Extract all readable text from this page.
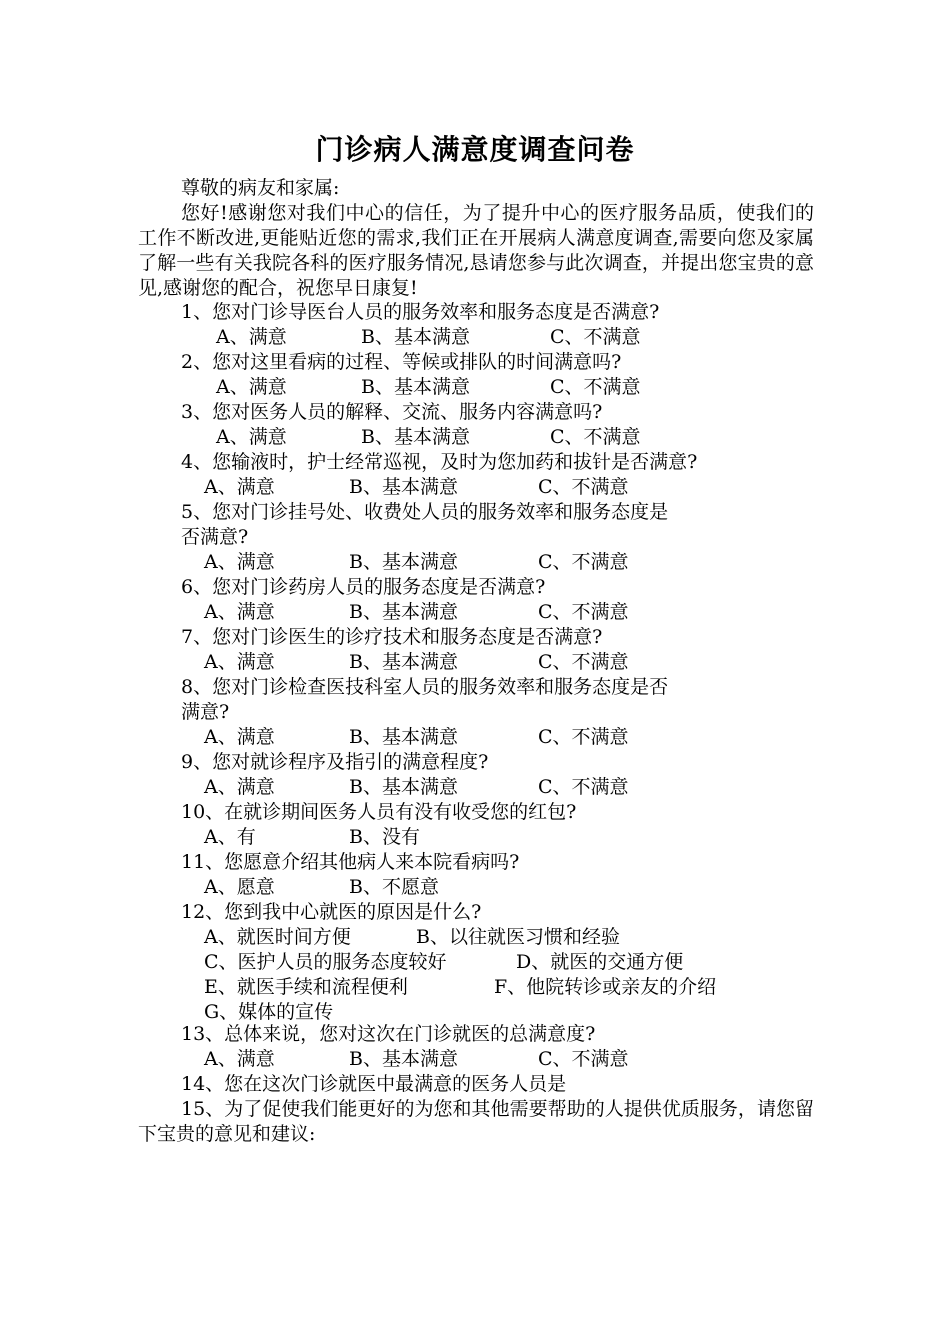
门诊病人满意度调查问卷
尊敬的病友和家属:
您好!感谢您对我们中心的信任，为了提升中心的医疗服务品质，使我们的工作不断改进,更能贴近您的需求,我们正在开展病人满意度调查,需要向您及家属了解一些有关我院各科的医疗服务情况,恳请您参与此次调查，并提出您宝贵的意见,感谢您的配合，祝您早日康复!
1、您对门诊导医台人员的服务效率和服务态度是否满意?
A、满意	B、基本满意	C、不满意
2、您对这里看病的过程、等候或排队的时间满意吗?
A、满意	B、基本满意	C、不满意
3、您对医务人员的解释、交流、服务内容满意吗?
A、满意	B、基本满意	C、不满意
4、您输液时，护士经常巡视，及时为您加药和拔针是否满意?
A、满意	B、基本满意	C、不满意
5、您对门诊挂号处、收费处人员的服务效率和服务态度是
否满意?
A、满意	B、基本满意	C、不满意
6、您对门诊药房人员的服务态度是否满意?
A、满意	B、基本满意	C、不满意
7、您对门诊医生的诊疗技术和服务态度是否满意?
A、满意	B、基本满意	C、不满意
8、您对门诊检查医技科室人员的服务效率和服务态度是否
满意?
A、满意	B、基本满意	C、不满意
9、您对就诊程序及指引的满意程度?
A、满意	B、基本满意	C、不满意
10、在就诊期间医务人员有没有收受您的红包?
A、有	B、没有
11、您愿意介绍其他病人来本院看病吗?
A、愿意	B、不愿意
12、您到我中心就医的原因是什么?
A、就医时间方便	B、以往就医习惯和经验
C、医护人员的服务态度较好	D、就医的交通方便
E、就医手续和流程便利	F、他院转诊或亲友的介绍
G、媒体的宣传
13、总体来说，您对这次在门诊就医的总满意度?
A、满意	B、基本满意	C、不满意
14、您在这次门诊就医中最满意的医务人员是
15、为了促使我们能更好的为您和其他需要帮助的人提供优质服务，请您留下宝贵的意见和建议:
